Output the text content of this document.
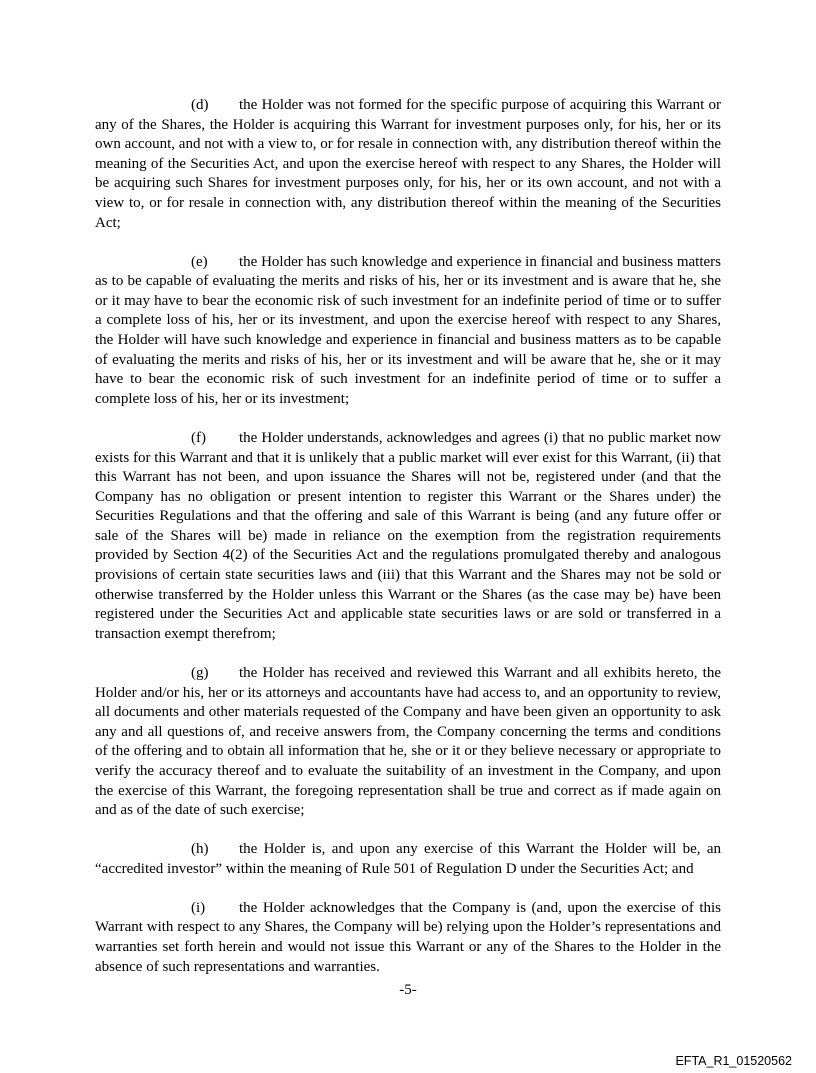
(d) the Holder was not formed for the specific purpose of acquiring this Warrant or any of the Shares, the Holder is acquiring this Warrant for investment purposes only, for his, her or its own account, and not with a view to, or for resale in connection with, any distribution thereof within the meaning of the Securities Act, and upon the exercise hereof with respect to any Shares, the Holder will be acquiring such Shares for investment purposes only, for his, her or its own account, and not with a view to, or for resale in connection with, any distribution thereof within the meaning of the Securities Act;

(e) the Holder has such knowledge and experience in financial and business matters as to be capable of evaluating the merits and risks of his, her or its investment and is aware that he, she or it may have to bear the economic risk of such investment for an indefinite period of time or to suffer a complete loss of his, her or its investment, and upon the exercise hereof with respect to any Shares, the Holder will have such knowledge and experience in financial and business matters as to be capable of evaluating the merits and risks of his, her or its investment and will be aware that he, she or it may have to bear the economic risk of such investment for an indefinite period of time or to suffer a complete loss of his, her or its investment;

(f) the Holder understands, acknowledges and agrees (i) that no public market now exists for this Warrant and that it is unlikely that a public market will ever exist for this Warrant, (ii) that this Warrant has not been, and upon issuance the Shares will not be, registered under (and that the Company has no obligation or present intention to register this Warrant or the Shares under) the Securities Regulations and that the offering and sale of this Warrant is being (and any future offer or sale of the Shares will be) made in reliance on the exemption from the registration requirements provided by Section 4(2) of the Securities Act and the regulations promulgated thereby and analogous provisions of certain state securities laws and (iii) that this Warrant and the Shares may not be sold or otherwise transferred by the Holder unless this Warrant or the Shares (as the case may be) have been registered under the Securities Act and applicable state securities laws or are sold or transferred in a transaction exempt therefrom;

(g) the Holder has received and reviewed this Warrant and all exhibits hereto, the Holder and/or his, her or its attorneys and accountants have had access to, and an opportunity to review, all documents and other materials requested of the Company and have been given an opportunity to ask any and all questions of, and receive answers from, the Company concerning the terms and conditions of the offering and to obtain all information that he, she or it or they believe necessary or appropriate to verify the accuracy thereof and to evaluate the suitability of an investment in the Company, and upon the exercise of this Warrant, the foregoing representation shall be true and correct as if made again on and as of the date of such exercise;

(h) the Holder is, and upon any exercise of this Warrant the Holder will be, an “accredited investor” within the meaning of Rule 501 of Regulation D under the Securities Act; and

(i) the Holder acknowledges that the Company is (and, upon the exercise of this Warrant with respect to any Shares, the Company will be) relying upon the Holder’s representations and warranties set forth herein and would not issue this Warrant or any of the Shares to the Holder in the absence of such representations and warranties.

-5-
EFTA_R1_01520562
